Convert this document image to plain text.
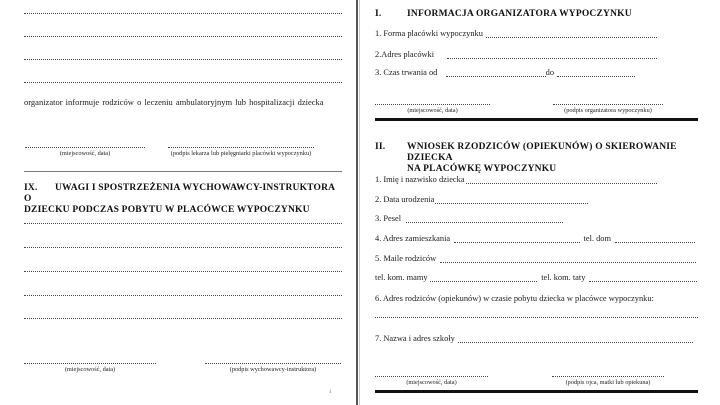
organizator informuje rodziców o leczeniu ambulatoryjnym lub hospitalizacji dziecka
(miejscowość, data)	(podpis lekarza lub pielęgniarki placówki wypoczynku)
IX. UWAGI I SPOSTRZEŻENIA WYCHOWAWCY-INSTRUKTORA O
DZIECKU PODCZAS POBYTU W PLACÓWCE WYPOCZYNKU
(miejscowość, data)	(podpis wychowawcy-instruktora)
4
I.	INFORMACJA ORGANIZATORA WYPOCZYNKU
1. Forma placówki wypoczynku
2.Adres placówki
3. Czas trwania od	do
(miejscowość, data)	(podpis organizatora wypoczynku)
II.	WNIOSEK RZODZICÓW (OPIEKUNÓW) O SKIEROWANIE DZIECKA
NA PLACÓWKĘ WYPOCZYNKU
1. Imię i nazwisko dziecka
2. Data urodzenia
3. Pesel
4. Adres zamieszkania	tel. dom
5. Maile rodziców
tel. kom. mamy	tel. kom. taty
6. Adres rodziców (opiekunów) w czasie pobytu dziecka w placówce wypoczynku:
7. Nazwa i adres szkoły
(miejscowość, data)	(podpis ojca, matki lub opiekuna)
